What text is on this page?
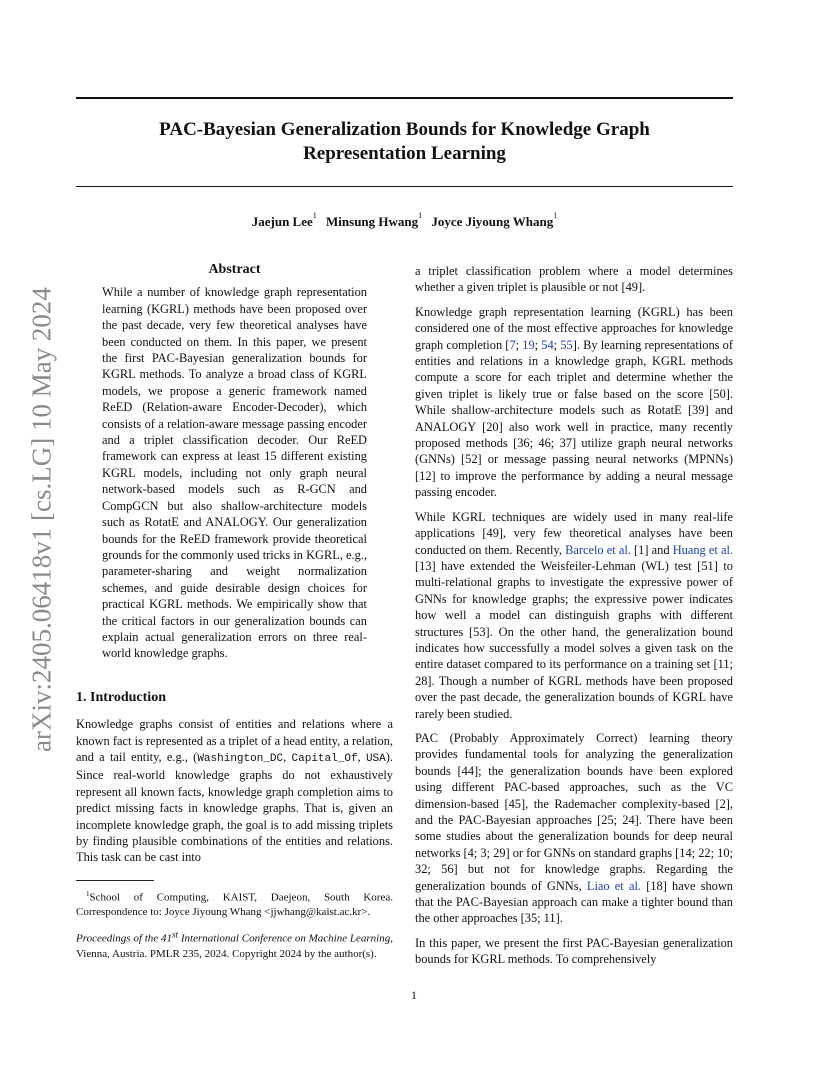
PAC-Bayesian Generalization Bounds for Knowledge Graph
Representation Learning
Jaejun Lee$^1$ Minsung Hwang$^1$ Joyce Jiyoung Whang$^1$
arXiv:2405.06418v1 [cs.LG] 10 May 2024
Abstract

While a number of knowledge graph representation learning (KGRL) methods have been proposed over the past decade, very few theoretical analyses have been conducted on them. In this paper, we present the first PAC-Bayesian generalization bounds for KGRL methods. To analyze a broad class of KGRL models, we propose a generic framework named ReED (Relation-aware Encoder-Decoder), which consists of a relation-aware message passing encoder and a triplet classification decoder. Our ReED framework can express at least 15 different existing KGRL models, including not only graph neural network-based models such as R-GCN and CompGCN but also shallow-architecture models such as RotatE and ANALOGY. Our generalization bounds for the ReED framework provide theoretical grounds for the commonly used tricks in KGRL, e.g., parameter-sharing and weight normalization schemes, and guide desirable design choices for practical KGRL methods. We empirically show that the critical factors in our generalization bounds can explain actual generalization errors on three real-world knowledge graphs.

1. Introduction

Knowledge graphs consist of entities and relations where a known fact is represented as a triplet of a head entity, a relation, and a tail entity, e.g., (Washington_DC, Capital_Of, USA). Since real-world knowledge graphs do not exhaustively represent all known facts, knowledge graph completion aims to predict missing facts in knowledge graphs. That is, given an incomplete knowledge graph, the goal is to add missing triplets by finding plausible combinations of the entities and relations. This task can be cast into

$^1$School of Computing, KAIST, Daejeon, South Korea. Correspondence to: Joyce Jiyoung Whang <jjwhang@kaist.ac.kr>.

Proceedings of the 41st International Conference on Machine Learning, Vienna, Austria. PMLR 235, 2024. Copyright 2024 by the author(s).

a triplet classification problem where a model determines whether a given triplet is plausible or not [49].

Knowledge graph representation learning (KGRL) has been considered one of the most effective approaches for knowledge graph completion [7; 19; 54; 55]. By learning representations of entities and relations in a knowledge graph, KGRL methods compute a score for each triplet and determine whether the given triplet is likely true or false based on the score [50]. While shallow-architecture models such as RotatE [39] and ANALOGY [20] also work well in practice, many recently proposed methods [36; 46; 37] utilize graph neural networks (GNNs) [52] or message passing neural networks (MPNNs) [12] to improve the performance by adding a neural message passing encoder.

While KGRL techniques are widely used in many real-life applications [49], very few theoretical analyses have been conducted on them. Recently, Barcelo et al. [1] and Huang et al. [13] have extended the Weisfeiler-Lehman (WL) test [51] to multi-relational graphs to investigate the expressive power of GNNs for knowledge graphs; the expressive power indicates how well a model can distinguish graphs with different structures [53]. On the other hand, the generalization bound indicates how successfully a model solves a given task on the entire dataset compared to its performance on a training set [11; 28]. Though a number of KGRL methods have been proposed over the past decade, the generalization bounds of KGRL have rarely been studied.

PAC (Probably Approximately Correct) learning theory provides fundamental tools for analyzing the generalization bounds [44]; the generalization bounds have been explored using different PAC-based approaches, such as the VC dimension-based [45], the Rademacher complexity-based [2], and the PAC-Bayesian approaches [25; 24]. There have been some studies about the generalization bounds for deep neural networks [4; 3; 29] or for GNNs on standard graphs [14; 22; 10; 32; 56] but not for knowledge graphs. Regarding the generalization bounds of GNNs, Liao et al. [18] have shown that the PAC-Bayesian approach can make a tighter bound than the other approaches [35; 11].

In this paper, we present the first PAC-Bayesian generalization bounds for KGRL methods. To comprehensively

1
